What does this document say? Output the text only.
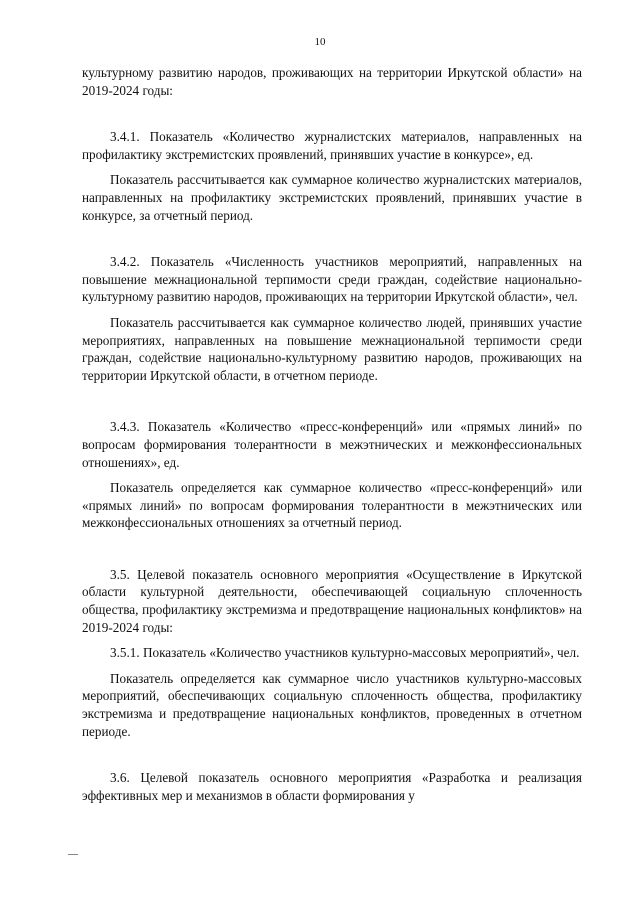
10

культурному развитию народов, проживающих на территории Иркутской области» на 2019-2024 годы:

3.4.1. Показатель «Количество журналистских материалов, направленных на профилактику экстремистских проявлений, принявших участие в конкурсе», ед.

Показатель рассчитывается как суммарное количество журналистских материалов, направленных на профилактику экстремистских проявлений, принявших участие в конкурсе, за отчетный период.

3.4.2. Показатель «Численность участников мероприятий, направленных на повышение межнациональной терпимости среди граждан, содействие национально-культурному развитию народов, проживающих на территории Иркутской области», чел.

Показатель рассчитывается как суммарное количество людей, принявших участие мероприятиях, направленных на повышение межнациональной терпимости среди граждан, содействие национально-культурному развитию народов, проживающих на территории Иркутской области, в отчетном периоде.

3.4.3. Показатель «Количество «пресс-конференций» или «прямых линий» по вопросам формирования толерантности в межэтнических и межконфессиональных отношениях», ед.

Показатель определяется как суммарное количество «пресс-конференций» или «прямых линий» по вопросам формирования толерантности в межэтнических или межконфессиональных отношениях за отчетный период.

3.5. Целевой показатель основного мероприятия «Осуществление в Иркутской области культурной деятельности, обеспечивающей социальную сплоченность общества, профилактику экстремизма и предотвращение национальных конфликтов» на 2019-2024 годы:

3.5.1. Показатель «Количество участников культурно-массовых мероприятий», чел.

Показатель определяется как суммарное число участников культурно-массовых мероприятий, обеспечивающих социальную сплоченность общества, профилактику экстремизма и предотвращение национальных конфликтов, проведенных в отчетном периоде.

3.6. Целевой показатель основного мероприятия «Разработка и реализация эффективных мер и механизмов в области формирования у
